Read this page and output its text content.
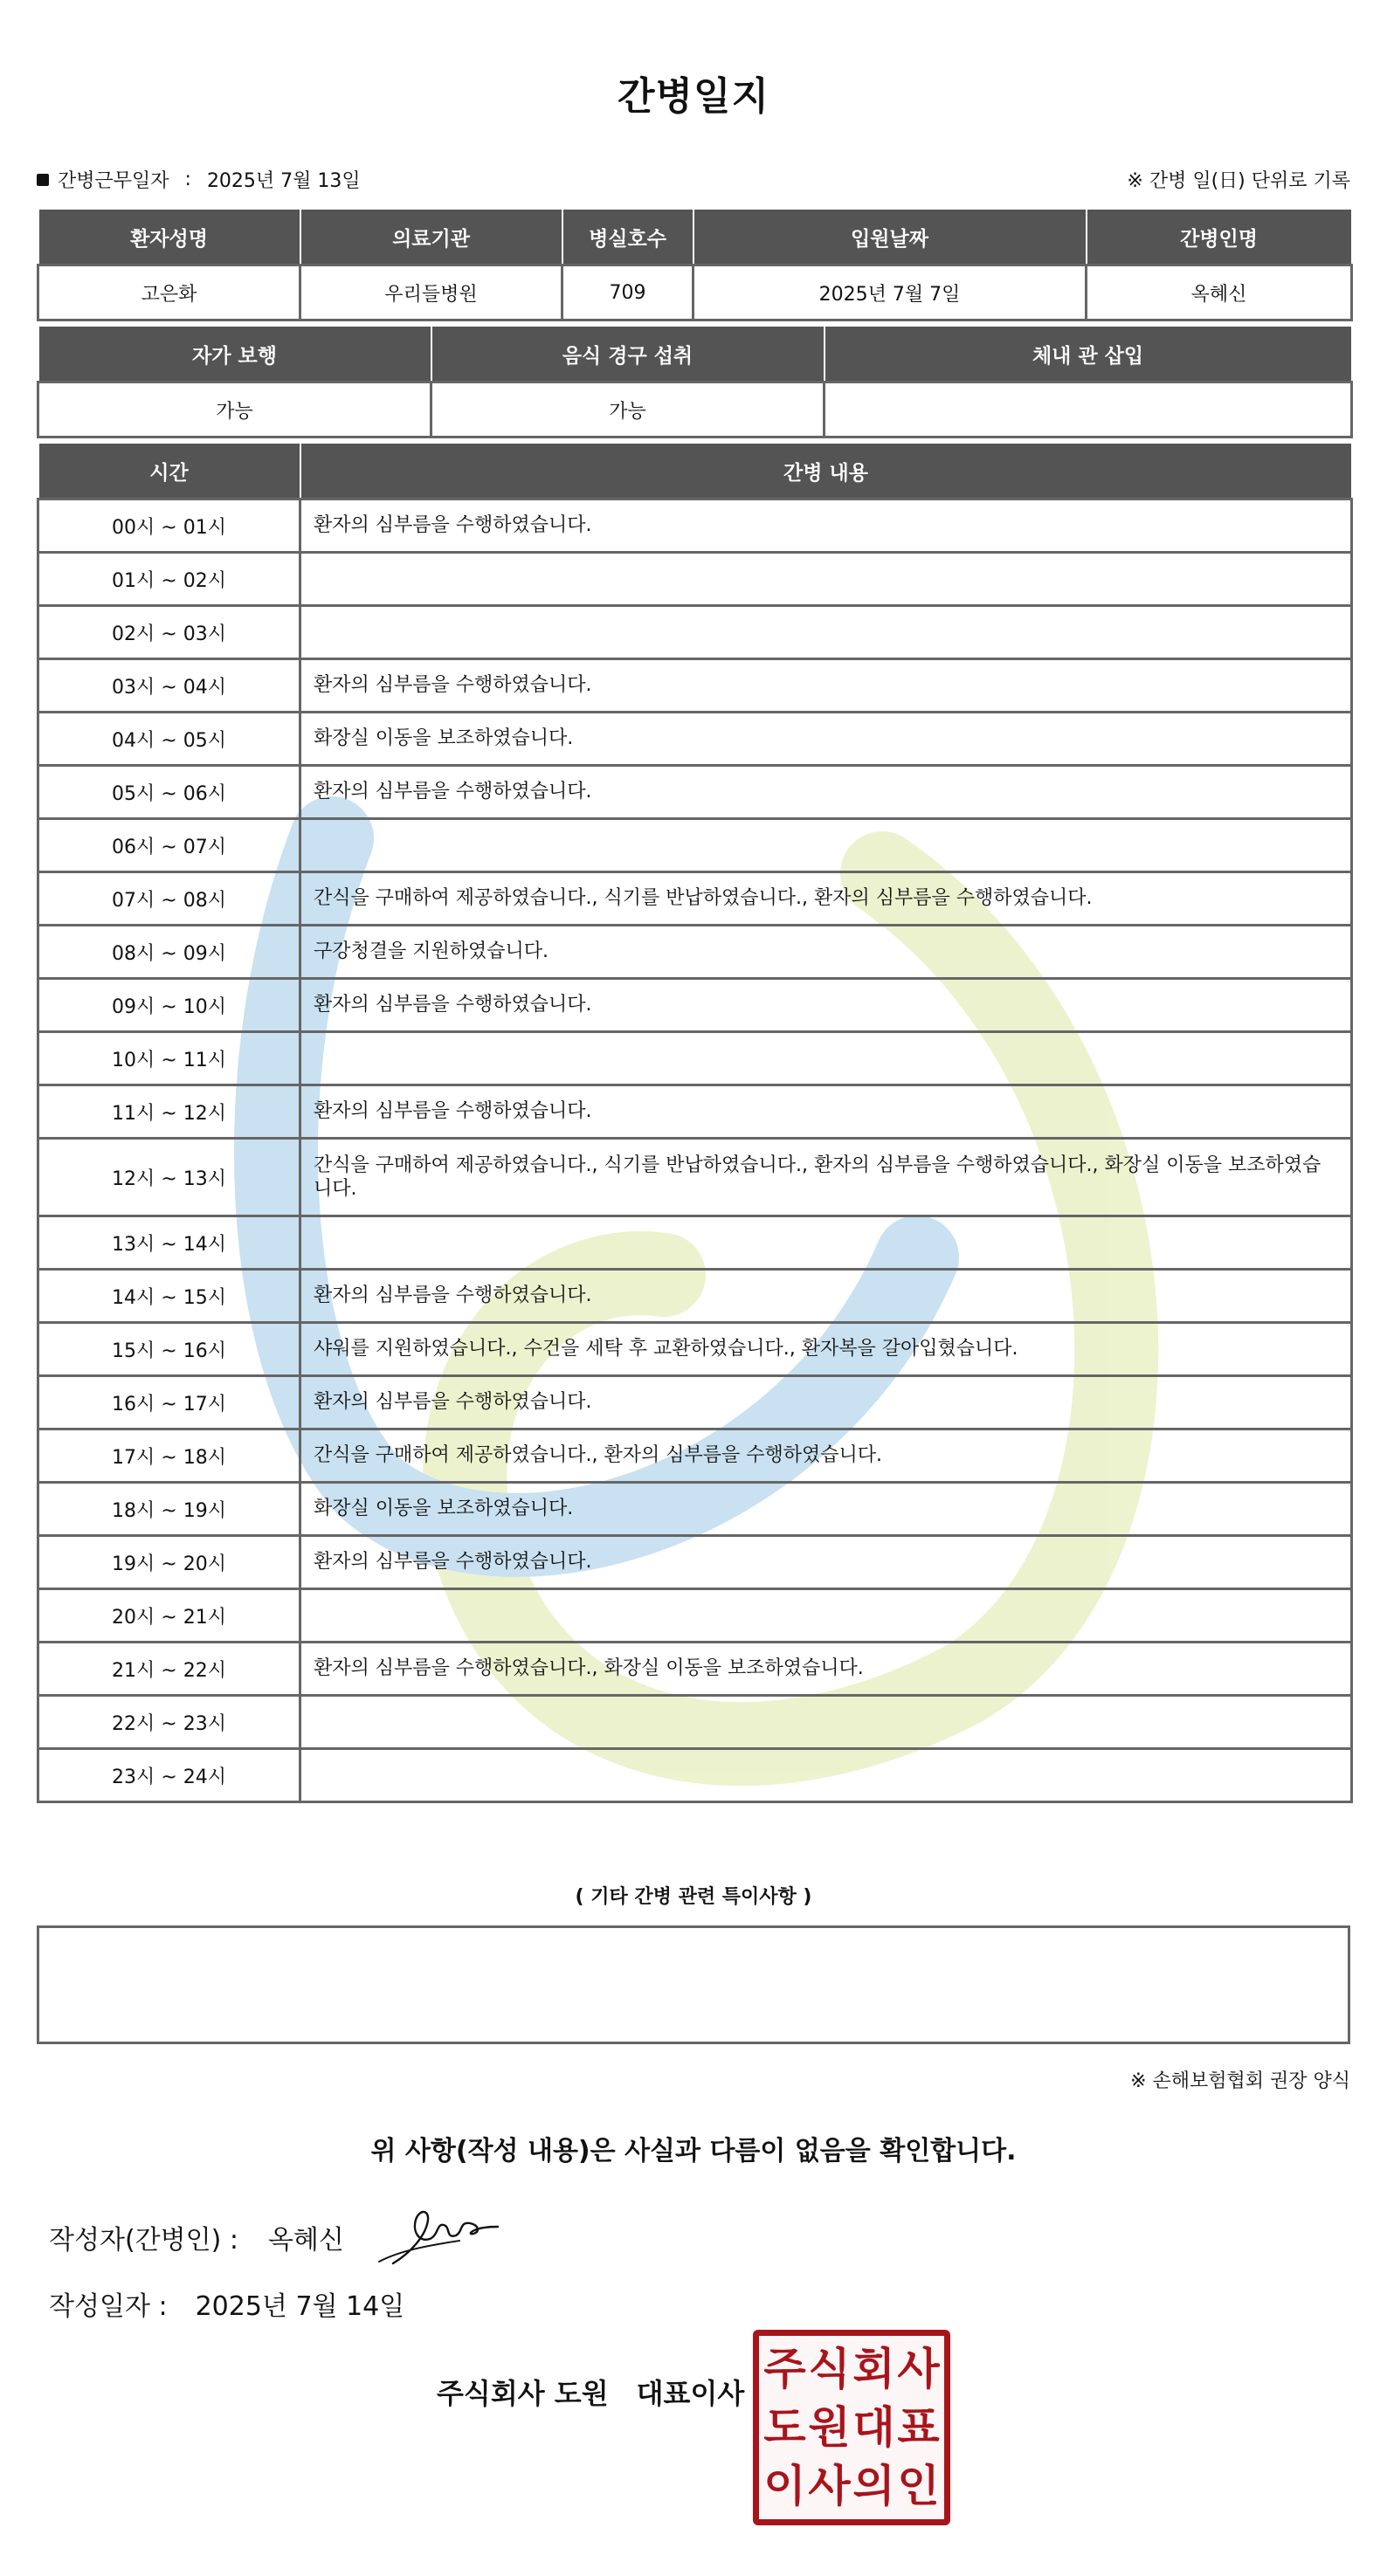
간병일지
간병근무일자 : 2025년 7월 13일	※ 간병 일(日) 단위로 기록
환자성명	의료기관	병실호수	입원날짜	간병인명
고은화	우리들병원	709	2025년 7월 7일	옥혜신
자가 보행	음식 경구 섭취	체내 관 삽입
가능	가능	
시간	간병 내용
00시 ~ 01시	환자의 심부름을 수행하였습니다.
01시 ~ 02시	
02시 ~ 03시	
03시 ~ 04시	환자의 심부름을 수행하였습니다.
04시 ~ 05시	화장실 이동을 보조하였습니다.
05시 ~ 06시	환자의 심부름을 수행하였습니다.
06시 ~ 07시	
07시 ~ 08시	간식을 구매하여 제공하였습니다., 식기를 반납하였습니다., 환자의 심부름을 수행하였습니다.
08시 ~ 09시	구강청결을 지원하였습니다.
09시 ~ 10시	환자의 심부름을 수행하였습니다.
10시 ~ 11시	
11시 ~ 12시	환자의 심부름을 수행하였습니다.
12시 ~ 13시	간식을 구매하여 제공하였습니다., 식기를 반납하였습니다., 환자의 심부름을 수행하였습니다., 화장실 이동을 보조하였습니다.
13시 ~ 14시	
14시 ~ 15시	환자의 심부름을 수행하였습니다.
15시 ~ 16시	샤워를 지원하였습니다., 수건을 세탁 후 교환하였습니다., 환자복을 갈아입혔습니다.
16시 ~ 17시	환자의 심부름을 수행하였습니다.
17시 ~ 18시	간식을 구매하여 제공하였습니다., 환자의 심부름을 수행하였습니다.
18시 ~ 19시	화장실 이동을 보조하였습니다.
19시 ~ 20시	환자의 심부름을 수행하였습니다.
20시 ~ 21시	
21시 ~ 22시	환자의 심부름을 수행하였습니다., 화장실 이동을 보조하였습니다.
22시 ~ 23시	
23시 ~ 24시	
( 기타 간병 관련 특이사항 )
※ 손해보험협회 권장 양식
위 사항(작성 내용)은 사실과 다름이 없음을 확인합니다.
작성자(간병인) : 옥혜신
작성일자 : 2025년 7월 14일
주식회사 도원 대표이사 주 식 회 사
도 원 대 표
이 사 의 인
